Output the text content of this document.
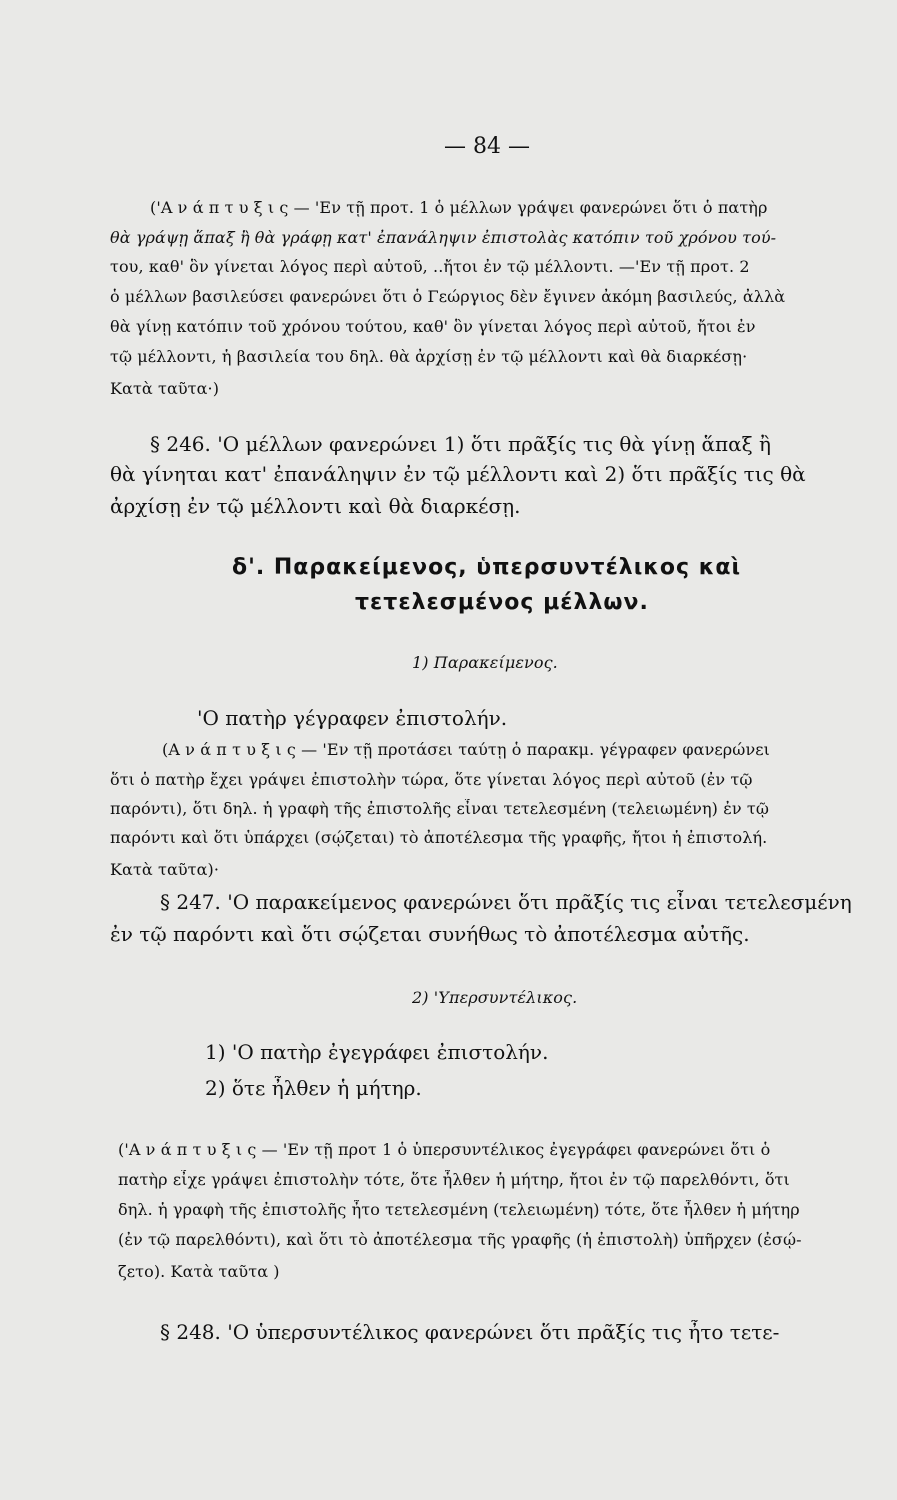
— 84 —
('Α ν ά π τ υ ξ ι ς — 'Εν τῇ προτ. 1 ὁ μέλλων γράψει φανερώνει ὅτι ὁ πατὴρ
θὰ γράψῃ ἅπαξ ἢ θὰ γράφῃ κατ' ἐπανάληψιν ἐπιστολὰς κατόπιν τοῦ χρόνου τού-
του, καθ' ὃν γίνεται λόγος περὶ αὐτοῦ, ..ἤτοι ἐν τῷ μέλλοντι. —'Εν τῇ προτ. 2
ὁ μέλλων βασιλεύσει φανερώνει ὅτι ὁ Γεώργιος δὲν ἔγινεν ἀκόμη βασιλεύς, ἀλλὰ
θὰ γίνῃ κατόπιν τοῦ χρόνου τούτου, καθ' ὃν γίνεται λόγος περὶ αὐτοῦ, ἤτοι ἐν
τῷ μέλλοντι, ἡ βασιλεία του δηλ. θὰ ἀρχίσῃ ἐν τῷ μέλλοντι καὶ θὰ διαρκέσῃ·
Κατὰ ταῦτα·)
§ 246. 'Ο μέλλων φανερώνει 1) ὅτι πρᾶξίς τις θὰ γίνῃ ἅπαξ ἢ
θὰ γίνηται κατ' ἐπανάληψιν ἐν τῷ μέλλοντι καὶ 2) ὅτι πρᾶξίς τις θὰ
ἀρχίσῃ ἐν τῷ μέλλοντι καὶ θὰ διαρκέσῃ.
δ'. Παρακείμενος, ὑπερσυντέλικος καὶ
τετελεσμένος μέλλων.
1) Παρακείμενος.
'Ο πατὴρ γέγραφεν ἐπιστολήν.
(Α ν ά π τ υ ξ ι ς — 'Εν τῇ προτάσει ταύτῃ ὁ παρακμ. γέγραφεν φανερώνει
ὅτι ὁ πατὴρ ἔχει γράψει ἐπιστολὴν τώρα, ὅτε γίνεται λόγος περὶ αὐτοῦ (ἐν τῷ
παρόντι), ὅτι δηλ. ἡ γραφὴ τῆς ἐπιστολῆς εἶναι τετελεσμένη (τελειωμένη) ἐν τῷ
παρόντι καὶ ὅτι ὑπάρχει (σῴζεται) τὸ ἀποτέλεσμα τῆς γραφῆς, ἤτοι ἡ ἐπιστολή.
Κατὰ ταῦτα)·
§ 247. 'Ο παρακείμενος φανερώνει ὅτι πρᾶξίς τις εἶναι τετελεσμένη
ἐν τῷ παρόντι καὶ ὅτι σῴζεται συνήθως τὸ ἀποτέλεσμα αὐτῆς.
2) 'Υπερσυντέλικος.
1) 'Ο πατὴρ ἐγεγράφει ἐπιστολήν.
2) ὅτε ἦλθεν ἡ μήτηρ.
('Α ν ά π τ υ ξ ι ς — 'Εν τῇ προτ 1 ὁ ὑπερσυντέλικος ἐγεγράφει φανερώνει ὅτι ὁ
πατὴρ εἶχε γράψει ἐπιστολὴν τότε, ὅτε ἦλθεν ἡ μήτηρ, ἤτοι ἐν τῷ παρελθόντι, ὅτι
δηλ. ἡ γραφὴ τῆς ἐπιστολῆς ἦτο τετελεσμένη (τελειωμένη) τότε, ὅτε ἦλθεν ἡ μήτηρ
(ἐν τῷ παρελθόντι), καὶ ὅτι τὸ ἀποτέλεσμα τῆς γραφῆς (ἡ ἐπιστολὴ) ὑπῆρχεν (ἐσῴ-
ζετο). Κατὰ ταῦτα )
§ 248. 'Ο ὑπερσυντέλικος φανερώνει ὅτι πρᾶξίς τις ἦτο τετε-
